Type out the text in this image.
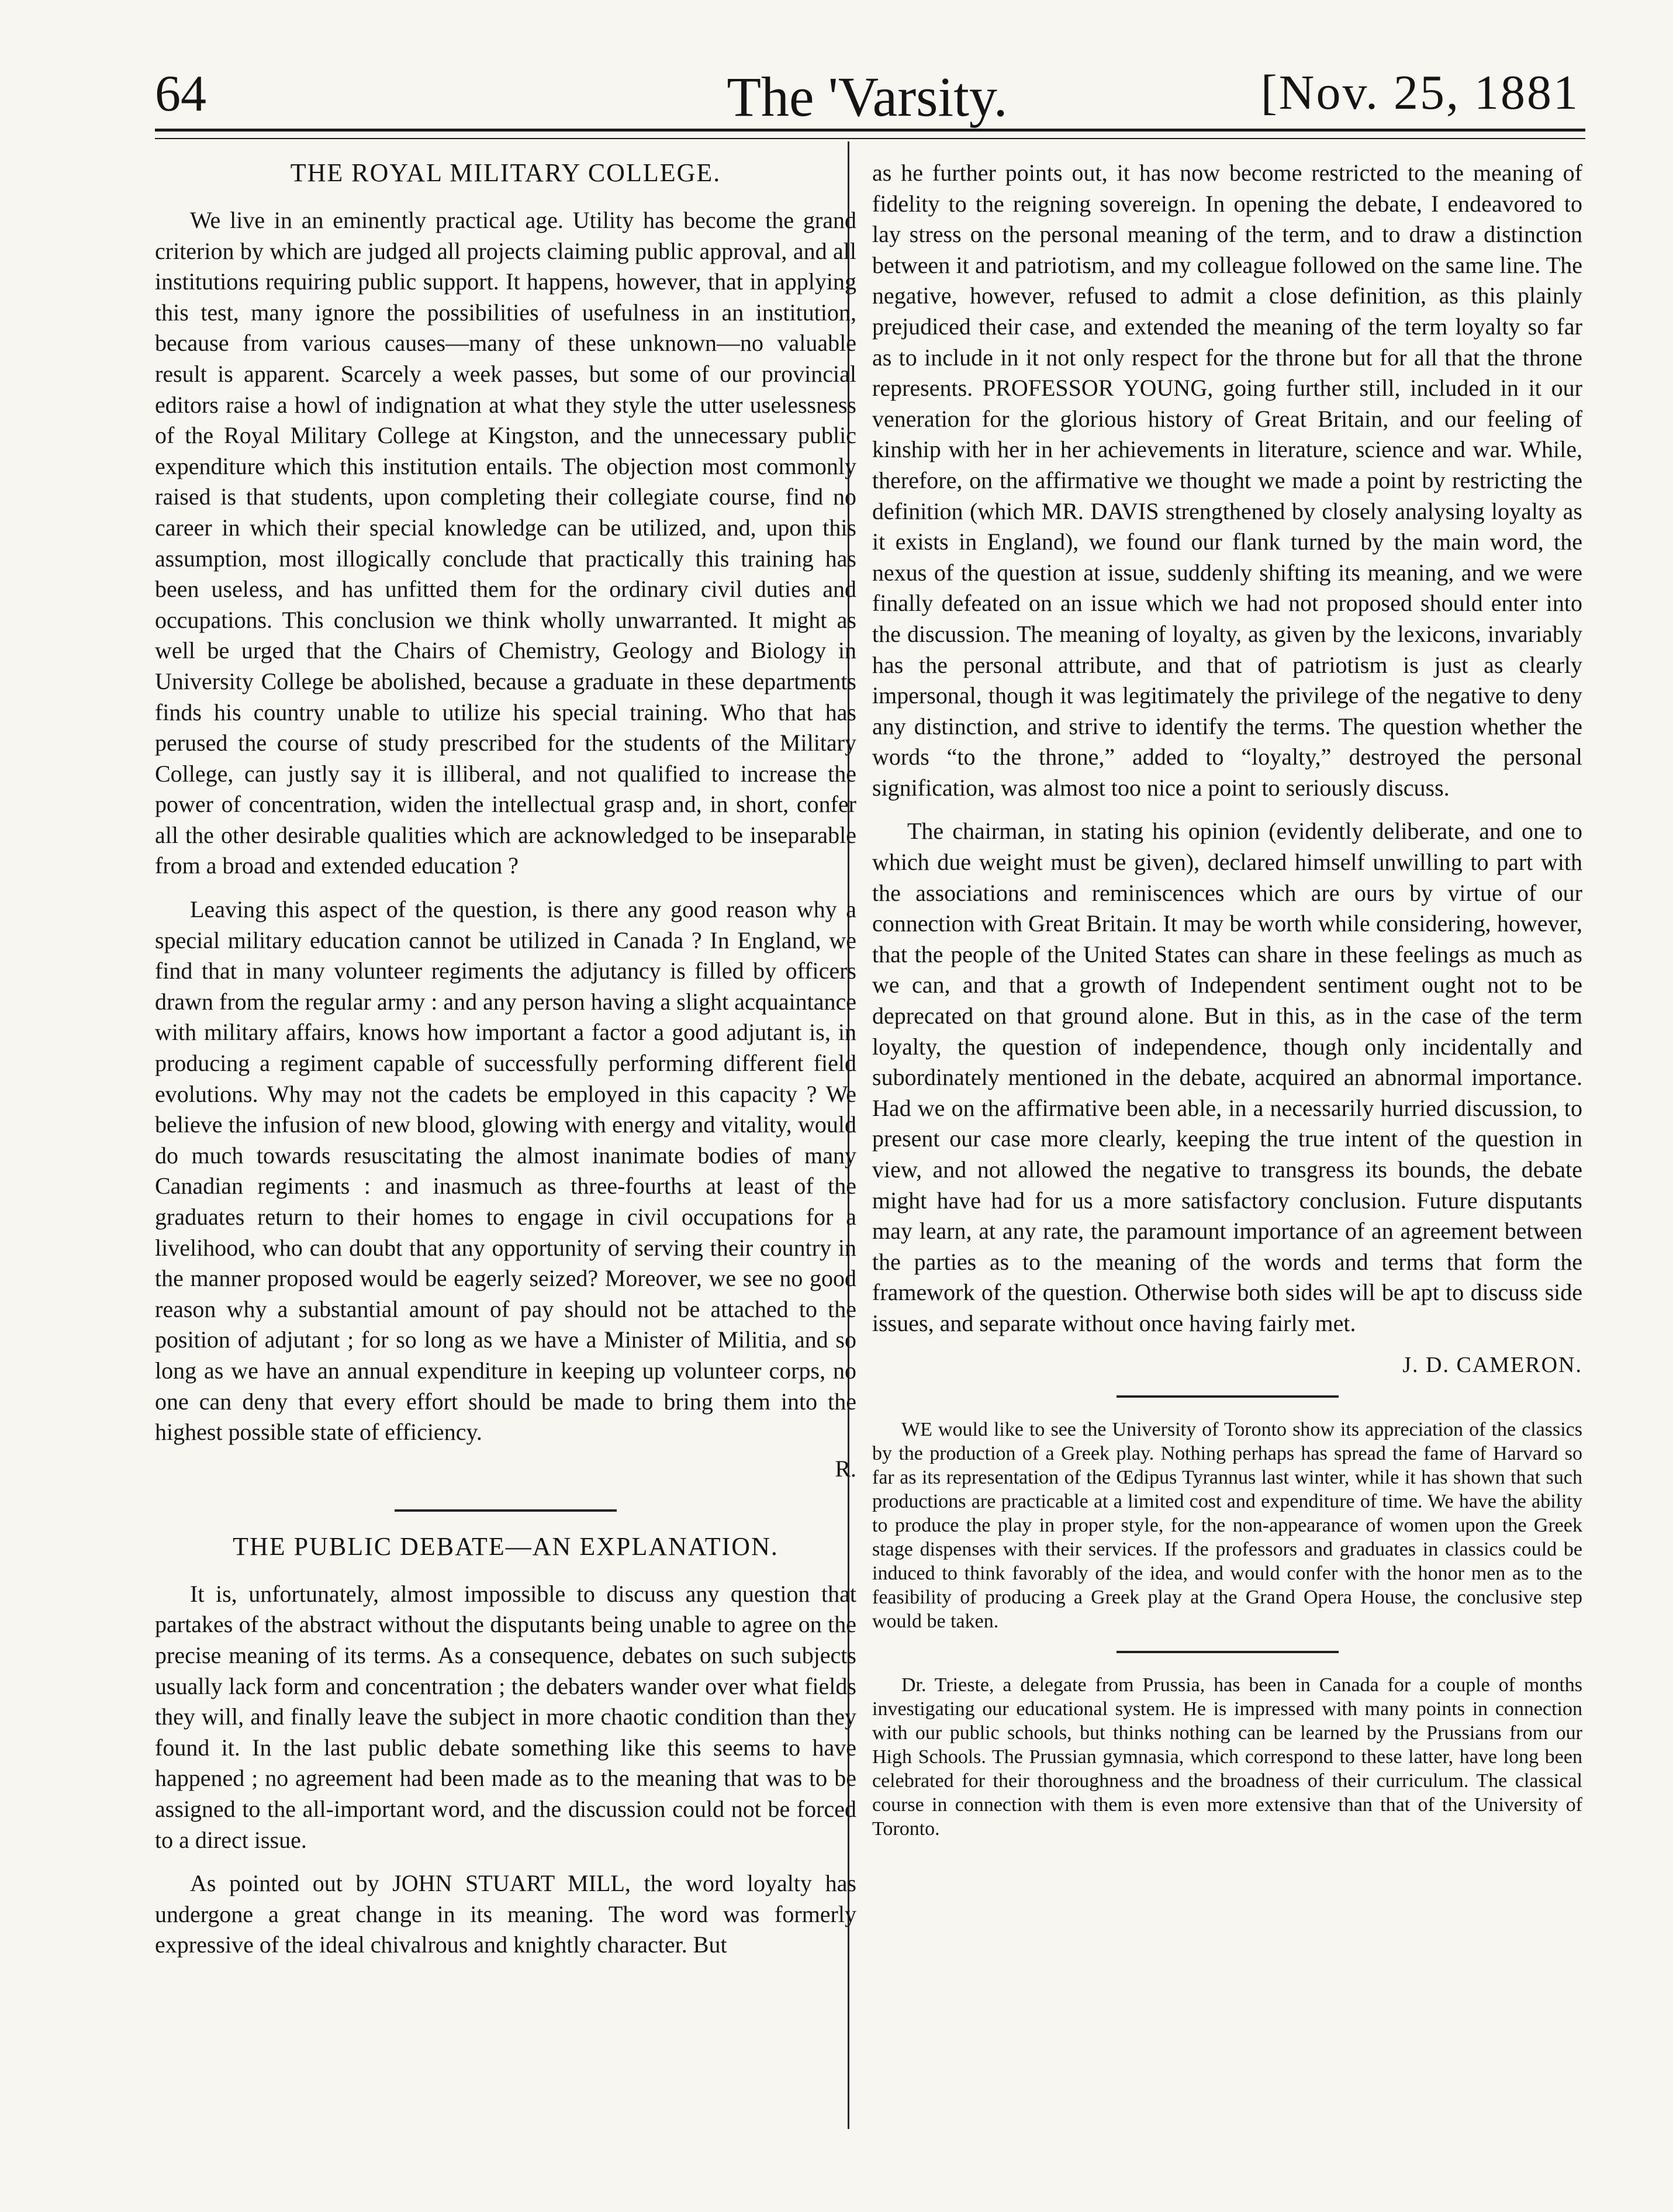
64	The 'Varsity.	[Nov. 25, 1881
THE ROYAL MILITARY COLLEGE.

We live in an eminently practical age. Utility has become the grand criterion by which are judged all projects claiming public approval, and all institutions requiring public support. It happens, however, that in applying this test, many ignore the possibilities of usefulness in an institution, because from various causes—many of these unknown—no valuable result is apparent. Scarcely a week passes, but some of our provincial editors raise a howl of indignation at what they style the utter uselessness of the Royal Military College at Kingston, and the unnecessary public expenditure which this institution entails. The objection most commonly raised is that students, upon completing their collegiate course, find no career in which their special knowledge can be utilized, and, upon this assumption, most illogically conclude that practically this training has been useless, and has unfitted them for the ordinary civil duties and occupations. This conclusion we think wholly unwarranted. It might as well be urged that the Chairs of Chemistry, Geology and Biology in University College be abolished, because a graduate in these departments finds his country unable to utilize his special training. Who that has perused the course of study prescribed for the students of the Military College, can justly say it is illiberal, and not qualified to increase the power of concentration, widen the intellectual grasp and, in short, confer all the other desirable qualities which are acknowledged to be inseparable from a broad and extended education ?

Leaving this aspect of the question, is there any good reason why a special military education cannot be utilized in Canada ? In England, we find that in many volunteer regiments the adjutancy is filled by officers drawn from the regular army : and any person having a slight acquaintance with military affairs, knows how important a factor a good adjutant is, in producing a regiment capable of successfully performing different field evolutions. Why may not the cadets be employed in this capacity ? We believe the infusion of new blood, glowing with energy and vitality, would do much towards resuscitating the almost inanimate bodies of many Canadian regiments : and inasmuch as three-fourths at least of the graduates return to their homes to engage in civil occupations for a livelihood, who can doubt that any opportunity of serving their country in the manner proposed would be eagerly seized? Moreover, we see no good reason why a substantial amount of pay should not be attached to the position of adjutant ; for so long as we have a Minister of Militia, and so long as we have an annual expenditure in keeping up volunteer corps, no one can deny that every effort should be made to bring them into the highest possible state of efficiency.

R.
THE PUBLIC DEBATE—AN EXPLANATION.

It is, unfortunately, almost impossible to discuss any question that partakes of the abstract without the disputants being unable to agree on the precise meaning of its terms. As a consequence, debates on such subjects usually lack form and concentration ; the debaters wander over what fields they will, and finally leave the subject in more chaotic condition than they found it. In the last public debate something like this seems to have happened ; no agreement had been made as to the meaning that was to be assigned to the all-important word, and the discussion could not be forced to a direct issue.

As pointed out by JOHN STUART MILL, the word loyalty has undergone a great change in its meaning. The word was formerly expressive of the ideal chivalrous and knightly character. But

as he further points out, it has now become restricted to the meaning of fidelity to the reigning sovereign. In opening the debate, I endeavored to lay stress on the personal meaning of the term, and to draw a distinction between it and patriotism, and my colleague followed on the same line. The negative, however, refused to admit a close definition, as this plainly prejudiced their case, and extended the meaning of the term loyalty so far as to include in it not only respect for the throne but for all that the throne represents. PROFESSOR YOUNG, going further still, included in it our veneration for the glorious history of Great Britain, and our feeling of kinship with her in her achievements in literature, science and war. While, therefore, on the affirmative we thought we made a point by restricting the definition (which MR. DAVIS strengthened by closely analysing loyalty as it exists in England), we found our flank turned by the main word, the nexus of the question at issue, suddenly shifting its meaning, and we were finally defeated on an issue which we had not proposed should enter into the discussion. The meaning of loyalty, as given by the lexicons, invariably has the personal attribute, and that of patriotism is just as clearly impersonal, though it was legitimately the privilege of the negative to deny any distinction, and strive to identify the terms. The question whether the words “to the throne,” added to “loyalty,” destroyed the personal signification, was almost too nice a point to seriously discuss.

The chairman, in stating his opinion (evidently deliberate, and one to which due weight must be given), declared himself unwilling to part with the associations and reminiscences which are ours by virtue of our connection with Great Britain. It may be worth while considering, however, that the people of the United States can share in these feelings as much as we can, and that a growth of Independent sentiment ought not to be deprecated on that ground alone. But in this, as in the case of the term loyalty, the question of independence, though only incidentally and subordinately mentioned in the debate, acquired an abnormal importance. Had we on the affirmative been able, in a necessarily hurried discussion, to present our case more clearly, keeping the true intent of the question in view, and not allowed the negative to transgress its bounds, the debate might have had for us a more satisfactory conclusion. Future disputants may learn, at any rate, the paramount importance of an agreement between the parties as to the meaning of the words and terms that form the framework of the question. Otherwise both sides will be apt to discuss side issues, and separate without once having fairly met.

J. D. CAMERON.

WE would like to see the University of Toronto show its appreciation of the classics by the production of a Greek play. Nothing perhaps has spread the fame of Harvard so far as its representation of the Œdipus Tyrannus last winter, while it has shown that such productions are practicable at a limited cost and expenditure of time. We have the ability to produce the play in proper style, for the non-appearance of women upon the Greek stage dispenses with their services. If the professors and graduates in classics could be induced to think favorably of the idea, and would confer with the honor men as to the feasibility of producing a Greek play at the Grand Opera House, the conclusive step would be taken.

Dr. Trieste, a delegate from Prussia, has been in Canada for a couple of months investigating our educational system. He is impressed with many points in connection with our public schools, but thinks nothing can be learned by the Prussians from our High Schools. The Prussian gymnasia, which correspond to these latter, have long been celebrated for their thoroughness and the broadness of their curriculum. The classical course in connection with them is even more extensive than that of the University of Toronto.
